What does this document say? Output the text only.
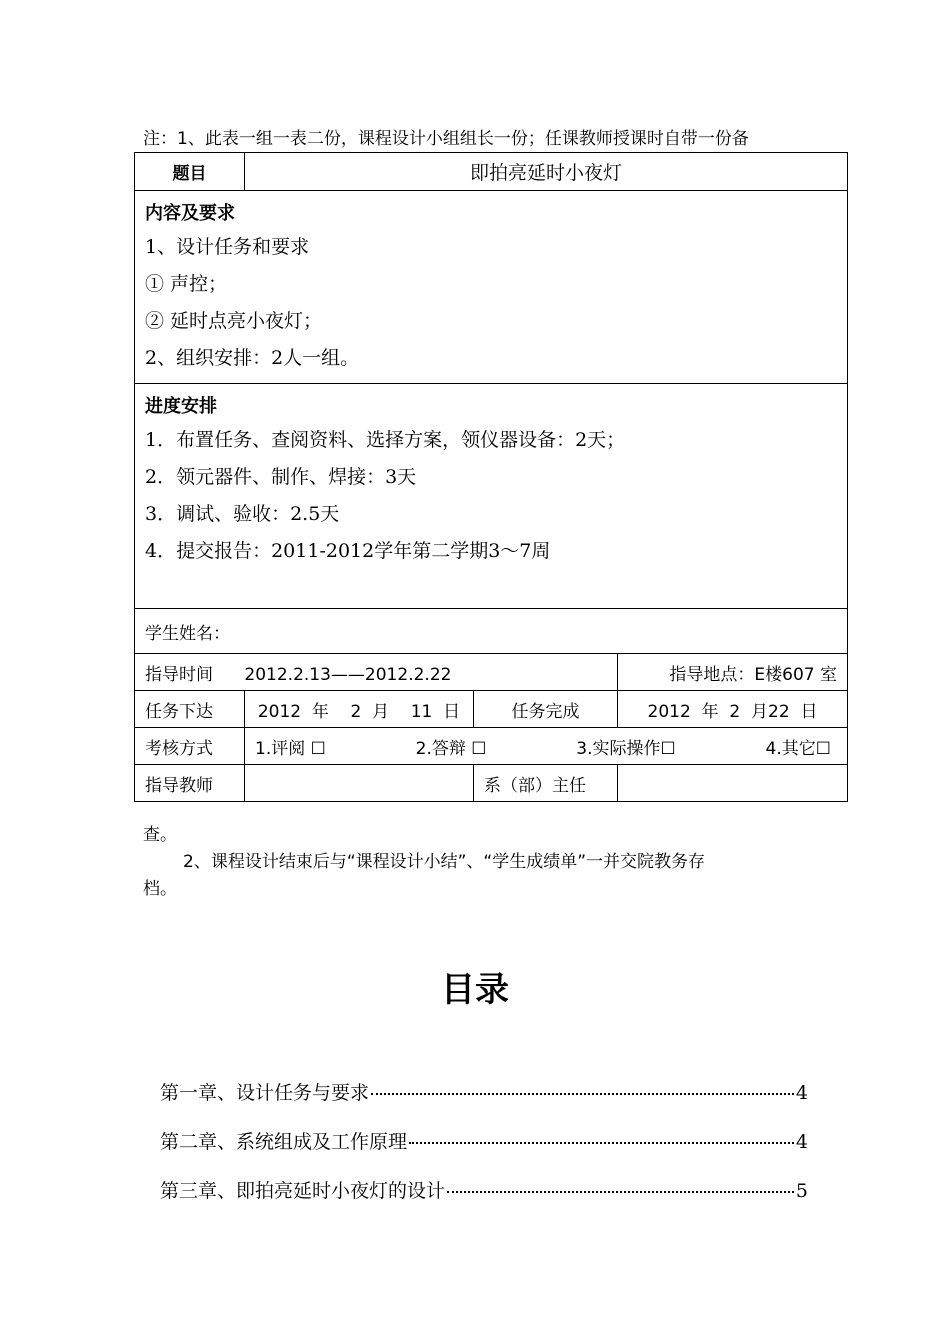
注：1、此表一组一表二份，课程设计小组组长一份；任课教师授课时自带一份备
题目	即拍亮延时小夜灯		

内容及要求
1、设计任务和要求
① 声控；
② 延时点亮小夜灯；
2、组织安排：2人一组。			

进度安排
1．布置任务、查阅资料、选择方案，领仪器设备：2天；
2．领元器件、制作、焊接：3天
3．调试、验收：2.5天
4．提交报告：2011-2012学年第二学期3～7周			

学生姓名：			
指导时间 2012.2.13——2012.2.22			指导地点：E楼607 室
任务下达	2012  年    2  月    11  日	任务完成	2012  年  2  月22  日
考核方式	1.评阅 ☐ 2.答辩 ☐ 3.实际操作☐ 4.其它☐		

指导教师		系（部）主任	
查。
2、课程设计结束后与“课程设计小结”、“学生成绩单”一并交院教务存
档。
目录
第一章、设计任务与要求	4
第二章、系统组成及工作原理	4
第三章、即拍亮延时小夜灯的设计	5
